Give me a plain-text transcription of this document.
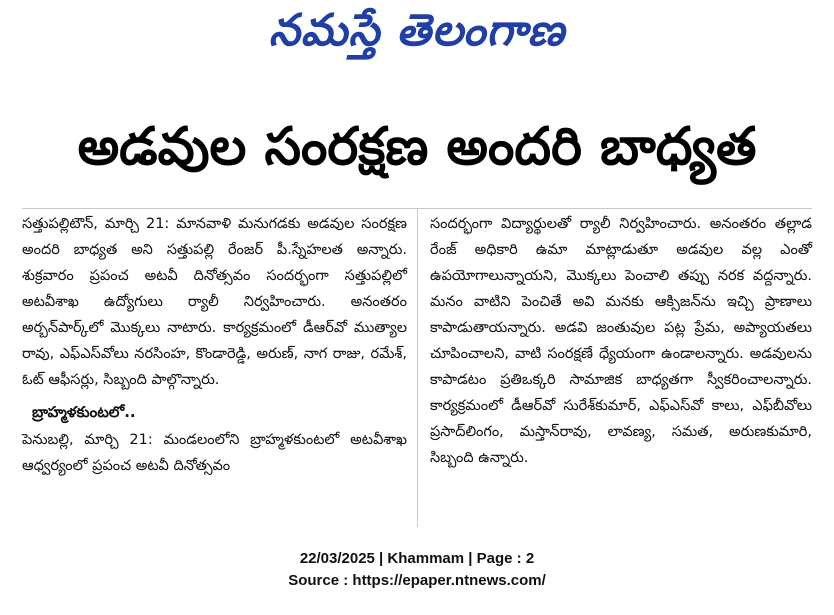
నమస్తే తెలంగాణ
అడవుల సంరక్షణ అందరి బాధ్యత

సత్తుపల్లిటౌన్, మార్చి 21: మానవాళి మనుగడకు అడవుల సంరక్షణ అందరి బాధ్యత అని సత్తుపల్లి రేంజర్ పీ.స్నేహలత అన్నారు. శుక్రవారం ప్రపంచ అటవీ దినోత్సవం సందర్భంగా సత్తుపల్లిలో అటవీశాఖ ఉద్యోగులు ర్యాలీ నిర్వహించారు. అనంతరం అర్బన్‌పార్క్‌లో మొక్కలు నాటారు. కార్యక్రమంలో డీఆర్‌వో ముత్యాల రావు, ఎఫ్‌ఎస్‌వోలు నరసింహ, కొండారెడ్డి, అరుణ్, నాగ రాజు, రమేశ్, ఓట్ ఆఫీసర్లు, సిబ్బంది పాల్గొన్నారు.

బ్రాహ్మళకుంటలో..

పెనుబల్లి, మార్చి 21: మండలంలోని బ్రాహ్మళకుంటలో అటవీశాఖ ఆధ్వర్యంలో ప్రపంచ అటవీ దినోత్సవం

సందర్భంగా విద్యార్థులతో ర్యాలీ నిర్వహించారు. అనంతరం తల్లాడ రేంజ్ అధికారి ఉమా మాట్లాడుతూ అడవుల వల్ల ఎంతో ఉపయోగాలున్నాయని, మొక్కలు పెంచాలి తప్పు నరక వద్దన్నారు. మనం వాటిని పెంచితే అవి మనకు ఆక్సిజన్‌ను ఇచ్చి ప్రాణాలు కాపాడుతాయన్నారు. అడవి జంతువుల పట్ల ప్రేమ, అప్యాయతలు చూపించాలని, వాటి సంరక్షణే ధ్యేయంగా ఉండాలన్నారు. అడవులను కాపాడటం ప్రతిఒక్కరి సామాజిక బాధ్యతగా స్వీకరించాలన్నారు. కార్యక్రమంలో డీఆర్‌వో సురేశ్‌కుమార్, ఎఫ్‌ఎస్‌వో కాలు, ఎఫ్‌బీవోలు ప్రసాద్‌లింగం, మస్తాన్‌రావు, లావణ్య, సమత, అరుణకుమారి, సిబ్బంది ఉన్నారు.

22/03/2025 | Khammam | Page : 2
Source : https://epaper.ntnews.com/
